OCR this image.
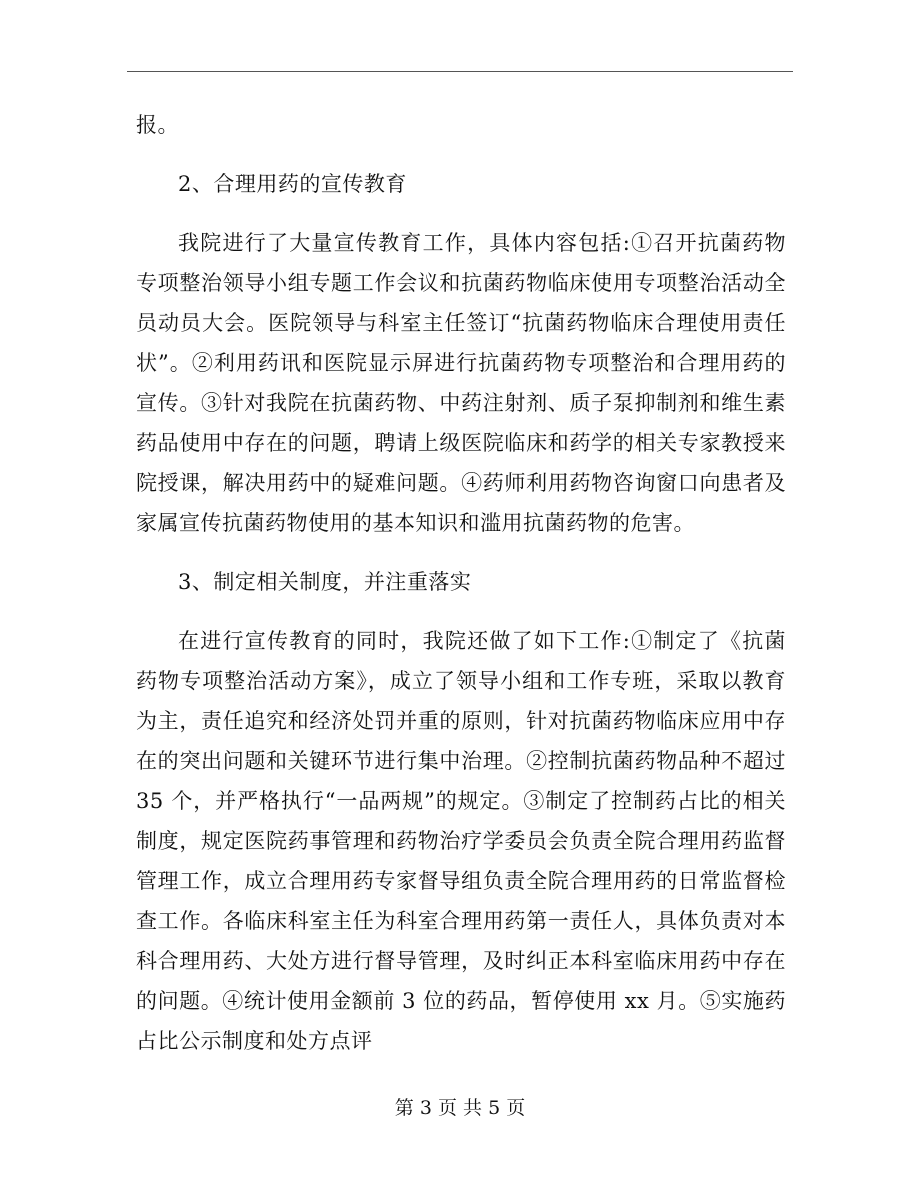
报。

2、合理用药的宣传教育

我院进行了大量宣传教育工作，具体内容包括:①召开抗菌药物专项整治领导小组专题工作会议和抗菌药物临床使用专项整治活动全员动员大会。医院领导与科室主任签订“抗菌药物临床合理使用责任状”。②利用药讯和医院显示屏进行抗菌药物专项整治和合理用药的宣传。③针对我院在抗菌药物、中药注射剂、质子泵抑制剂和维生素药品使用中存在的问题，聘请上级医院临床和药学的相关专家教授来院授课，解决用药中的疑难问题。④药师利用药物咨询窗口向患者及家属宣传抗菌药物使用的基本知识和滥用抗菌药物的危害。

3、制定相关制度，并注重落实

在进行宣传教育的同时，我院还做了如下工作:①制定了《抗菌药物专项整治活动方案》，成立了领导小组和工作专班，采取以教育为主，责任追究和经济处罚并重的原则，针对抗菌药物临床应用中存在的突出问题和关键环节进行集中治理。②控制抗菌药物品种不超过 35 个，并严格执行“一品两规”的规定。③制定了控制药占比的相关制度，规定医院药事管理和药物治疗学委员会负责全院合理用药监督管理工作，成立合理用药专家督导组负责全院合理用药的日常监督检查工作。各临床科室主任为科室合理用药第一责任人，具体负责对本科合理用药、大处方进行督导管理，及时纠正本科室临床用药中存在的问题。④统计使用金额前 3 位的药品，暂停使用 xx 月。⑤实施药占比公示制度和处方点评

第 3 页 共 5 页
